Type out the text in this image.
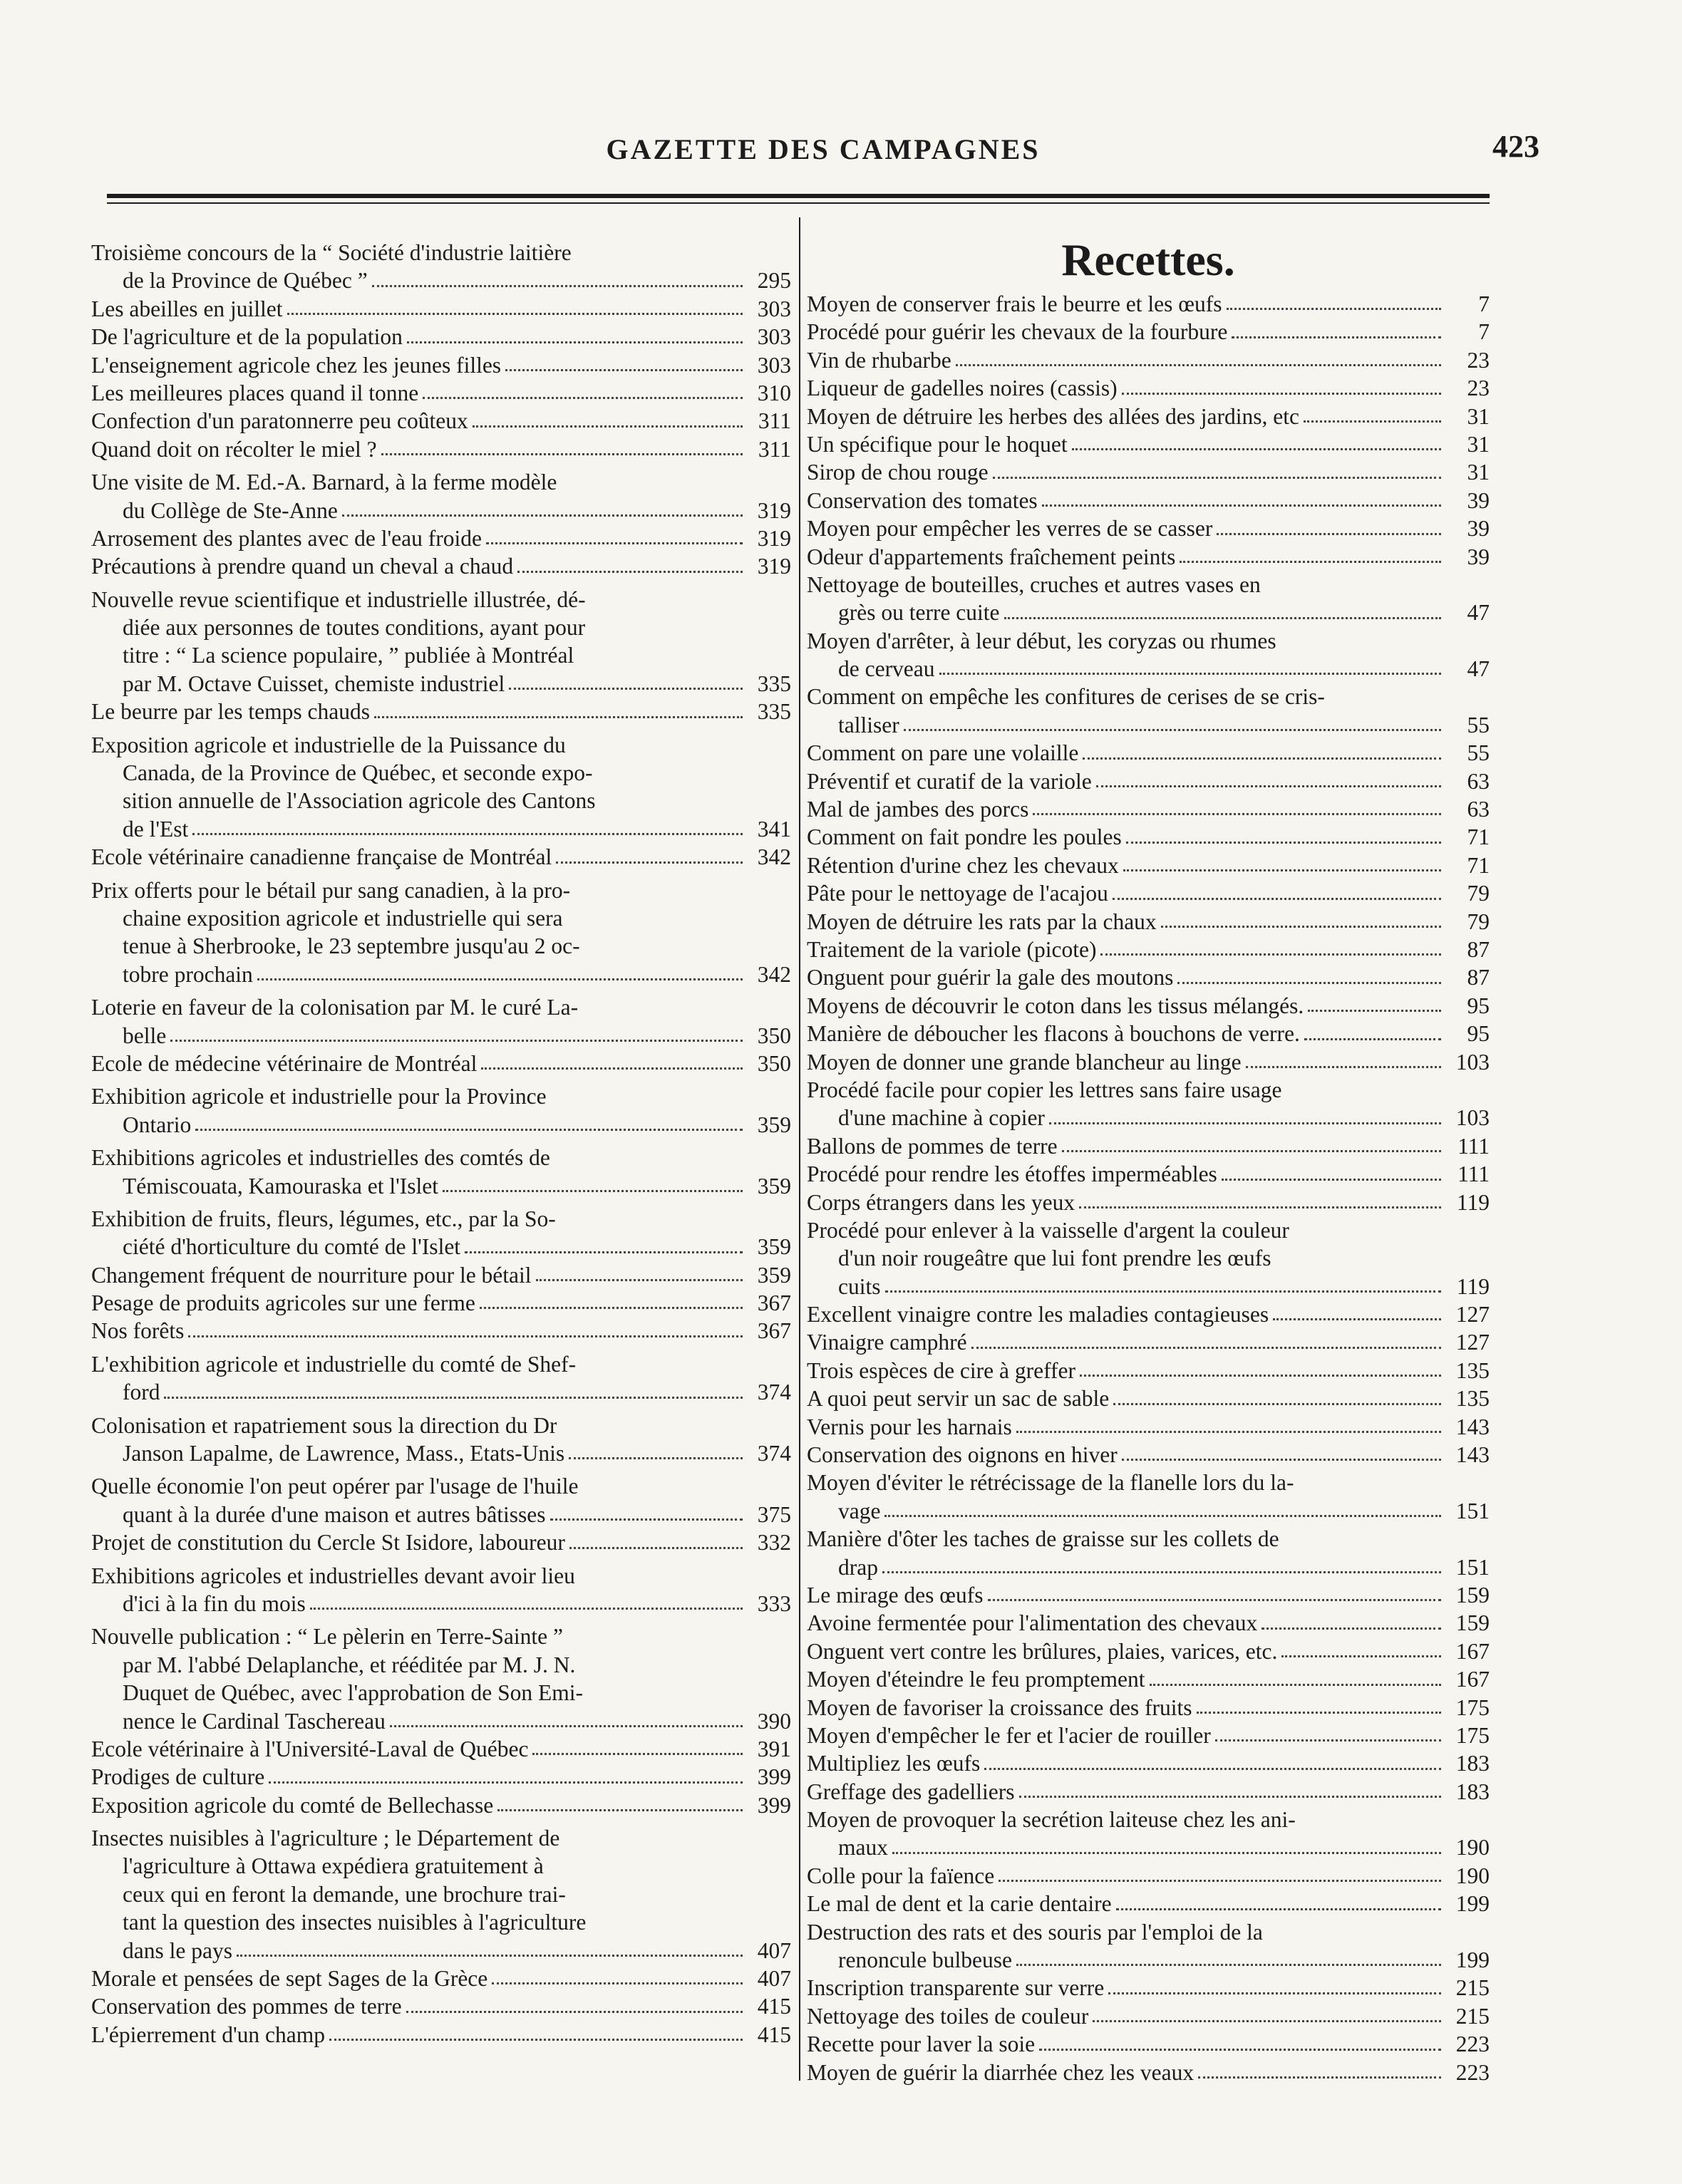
GAZETTE DES CAMPAGNES	423
Troisième concours de la “ Société d'industrie laitière
de la Province de Québec ”	295
Les abeilles en juillet	303
De l'agriculture et de la population	303
L'enseignement agricole chez les jeunes filles	303
Les meilleures places quand il tonne	310
Confection d'un paratonnerre peu coûteux	311
Quand doit on récolter le miel ?	311
Une visite de M. Ed.-A. Barnard, à la ferme modèle
du Collège de Ste-Anne	319
Arrosement des plantes avec de l'eau froide	319
Précautions à prendre quand un cheval a chaud	319
Nouvelle revue scientifique et industrielle illustrée, dé-
diée aux personnes de toutes conditions, ayant pour
titre : “ La science populaire, ” publiée à Montréal
par M. Octave Cuisset, chemiste industriel	335
Le beurre par les temps chauds	335
Exposition agricole et industrielle de la Puissance du
Canada, de la Province de Québec, et seconde expo-
sition annuelle de l'Association agricole des Cantons
de l'Est	341
Ecole vétérinaire canadienne française de Montréal	342
Prix offerts pour le bétail pur sang canadien, à la pro-
chaine exposition agricole et industrielle qui sera
tenue à Sherbrooke, le 23 septembre jusqu'au 2 oc-
tobre prochain	342
Loterie en faveur de la colonisation par M. le curé La-
belle	350
Ecole de médecine vétérinaire de Montréal	350
Exhibition agricole et industrielle pour la Province
Ontario	359
Exhibitions agricoles et industrielles des comtés de
Témiscouata, Kamouraska et l'Islet	359
Exhibition de fruits, fleurs, légumes, etc., par la So-
ciété d'horticulture du comté de l'Islet	359
Changement fréquent de nourriture pour le bétail	359
Pesage de produits agricoles sur une ferme	367
Nos forêts	367
L'exhibition agricole et industrielle du comté de Shef-
ford	374
Colonisation et rapatriement sous la direction du Dr
Janson Lapalme, de Lawrence, Mass., Etats-Unis	374
Quelle économie l'on peut opérer par l'usage de l'huile
quant à la durée d'une maison et autres bâtisses	375
Projet de constitution du Cercle St Isidore, laboureur	332
Exhibitions agricoles et industrielles devant avoir lieu
d'ici à la fin du mois	333
Nouvelle publication : “ Le pèlerin en Terre-Sainte ”
par M. l'abbé Delaplanche, et rééditée par M. J. N.
Duquet de Québec, avec l'approbation de Son Emi-
nence le Cardinal Taschereau	390
Ecole vétérinaire à l'Université-Laval de Québec	391
Prodiges de culture	399
Exposition agricole du comté de Bellechasse	399
Insectes nuisibles à l'agriculture ; le Département de
l'agriculture à Ottawa expédiera gratuitement à
ceux qui en feront la demande, une brochure trai-
tant la question des insectes nuisibles à l'agriculture
dans le pays	407
Morale et pensées de sept Sages de la Grèce	407
Conservation des pommes de terre	415
L'épierrement d'un champ	415
Recettes.
Moyen de conserver frais le beurre et les œufs	7
Procédé pour guérir les chevaux de la fourbure	7
Vin de rhubarbe	23
Liqueur de gadelles noires (cassis)	23
Moyen de détruire les herbes des allées des jardins, etc	31
Un spécifique pour le hoquet	31
Sirop de chou rouge	31
Conservation des tomates	39
Moyen pour empêcher les verres de se casser	39
Odeur d'appartements fraîchement peints	39
Nettoyage de bouteilles, cruches et autres vases en
grès ou terre cuite	47
Moyen d'arrêter, à leur début, les coryzas ou rhumes
de cerveau	47
Comment on empêche les confitures de cerises de se cris-
talliser	55
Comment on pare une volaille	55
Préventif et curatif de la variole	63
Mal de jambes des porcs	63
Comment on fait pondre les poules	71
Rétention d'urine chez les chevaux	71
Pâte pour le nettoyage de l'acajou	79
Moyen de détruire les rats par la chaux	79
Traitement de la variole (picote)	87
Onguent pour guérir la gale des moutons	87
Moyens de découvrir le coton dans les tissus mélangés.	95
Manière de déboucher les flacons à bouchons de verre.	95
Moyen de donner une grande blancheur au linge	103
Procédé facile pour copier les lettres sans faire usage
d'une machine à copier	103
Ballons de pommes de terre	111
Procédé pour rendre les étoffes imperméables	111
Corps étrangers dans les yeux	119
Procédé pour enlever à la vaisselle d'argent la couleur
d'un noir rougeâtre que lui font prendre les œufs
cuits	119
Excellent vinaigre contre les maladies contagieuses	127
Vinaigre camphré	127
Trois espèces de cire à greffer	135
A quoi peut servir un sac de sable	135
Vernis pour les harnais	143
Conservation des oignons en hiver	143
Moyen d'éviter le rétrécissage de la flanelle lors du la-
vage	151
Manière d'ôter les taches de graisse sur les collets de
drap	151
Le mirage des œufs	159
Avoine fermentée pour l'alimentation des chevaux	159
Onguent vert contre les brûlures, plaies, varices, etc.	167
Moyen d'éteindre le feu promptement	167
Moyen de favoriser la croissance des fruits	175
Moyen d'empêcher le fer et l'acier de rouiller	175
Multipliez les œufs	183
Greffage des gadelliers	183
Moyen de provoquer la secrétion laiteuse chez les ani-
maux	190
Colle pour la faïence	190
Le mal de dent et la carie dentaire	199
Destruction des rats et des souris par l'emploi de la
renoncule bulbeuse	199
Inscription transparente sur verre	215
Nettoyage des toiles de couleur	215
Recette pour laver la soie	223
Moyen de guérir la diarrhée chez les veaux	223
